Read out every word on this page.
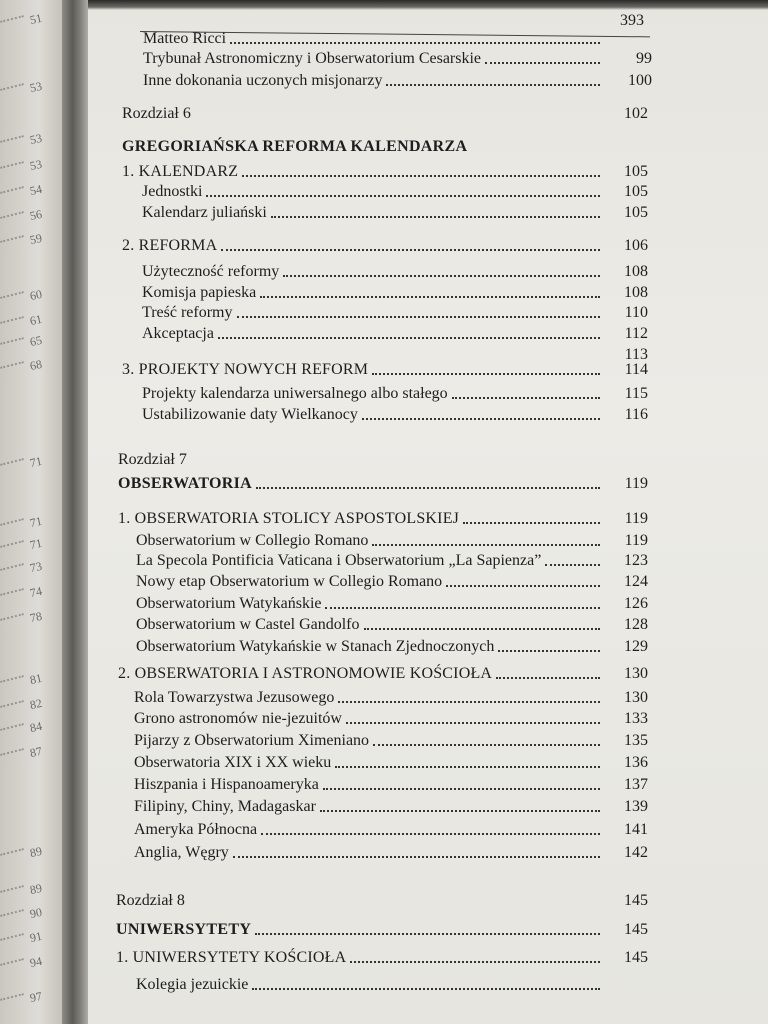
51
53
53
53
54
56
59
60
61
65
68
71
71
71
73
74
78
81
82
84
87
89
89
90
91
94
97
393
Matteo Ricci
Trybunał Astronomiczny i Obserwatorium Cesarskie	99
Inne dokonania uczonych misjonarzy	100
Rozdział 6	102
GREGORIAŃSKA REFORMA KALENDARZA
1. KALENDARZ	105
Jednostki	105
Kalendarz juliański	105
2. REFORMA	106
Użyteczność reformy	108
Komisja papieska	108
Treść reformy	110
Akceptacja	112
113
3. PROJEKTY NOWYCH REFORM	114
Projekty kalendarza uniwersalnego albo stałego	115
Ustabilizowanie daty Wielkanocy	116
Rozdział 7
OBSERWATORIA	119
1. OBSERWATORIA STOLICY ASPOSTOLSKIEJ	119
Obserwatorium w Collegio Romano	119
La Specola Pontificia Vaticana i Obserwatorium „La Sapienza”	123
Nowy etap Obserwatorium w Collegio Romano	124
Obserwatorium Watykańskie	126
Obserwatorium w Castel Gandolfo	128
Obserwatorium Watykańskie w Stanach Zjednoczonych	129
2. OBSERWATORIA I ASTRONOMOWIE KOŚCIOŁA	130
Rola Towarzystwa Jezusowego	130
Grono astronomów nie-jezuitów	133
Pijarzy z Obserwatorium Ximeniano	135
Obserwatoria XIX i XX wieku	136
Hiszpania i Hispanoameryka	137
Filipiny, Chiny, Madagaskar	139
Ameryka Północna	141
Anglia, Węgry	142
Rozdział 8	145
UNIWERSYTETY	145
1. UNIWERSYTETY KOŚCIOŁA	145
Kolegia jezuickie
